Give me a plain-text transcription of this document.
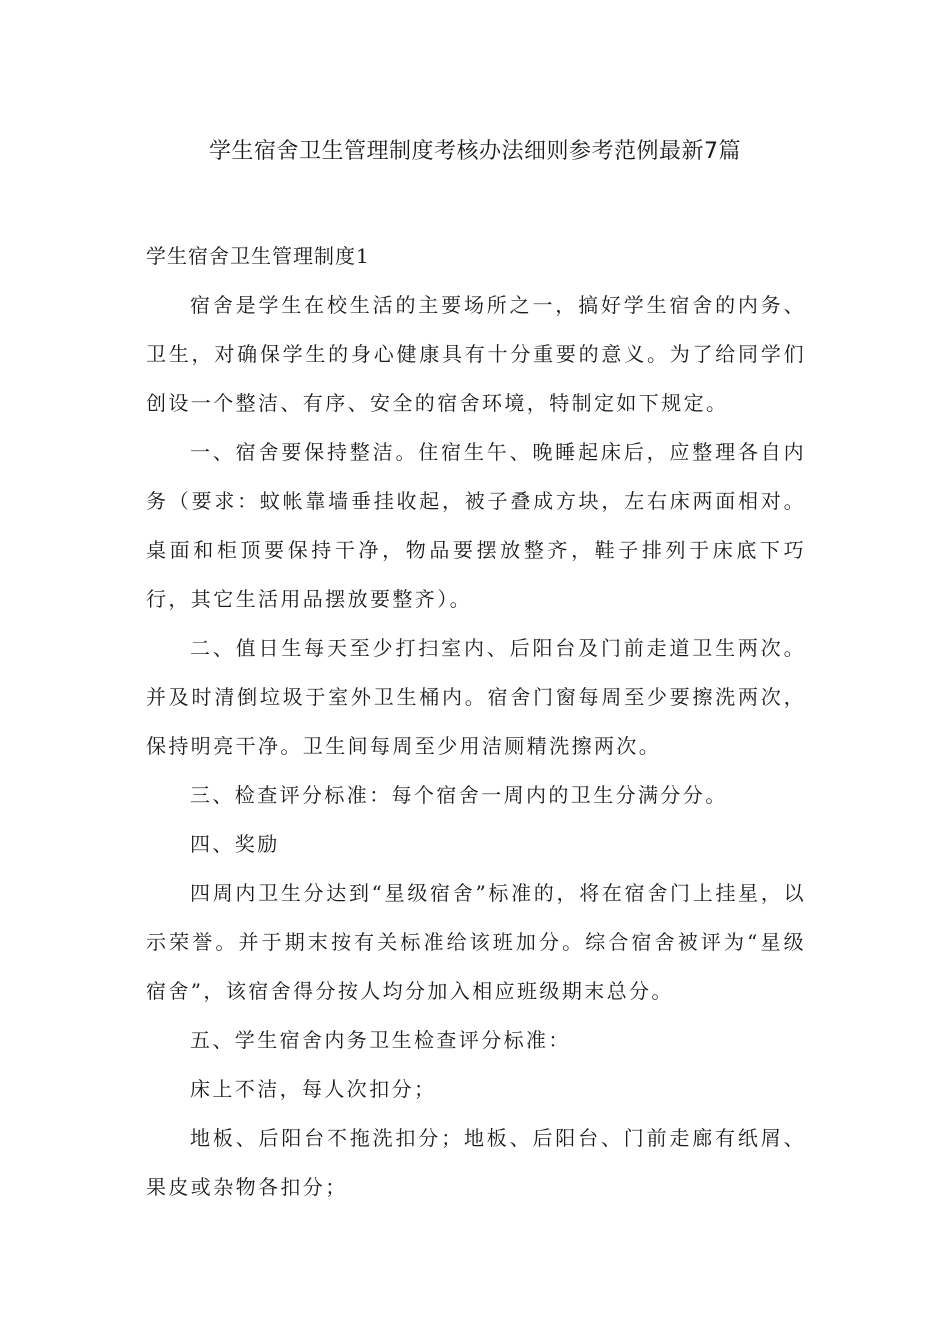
学生宿舍卫生管理制度考核办法细则参考范例最新7篇

学生宿舍卫生管理制度1

宿舍是学生在校生活的主要场所之一，搞好学生宿舍的内务、卫生，对确保学生的身心健康具有十分重要的意义。为了给同学们创设一个整洁、有序、安全的宿舍环境，特制定如下规定。

一、宿舍要保持整洁。住宿生午、晚睡起床后，应整理各自内务（要求：蚊帐靠墙垂挂收起，被子叠成方块，左右床两面相对。桌面和柜顶要保持干净，物品要摆放整齐，鞋子排列于床底下巧行，其它生活用品摆放要整齐）。

二、值日生每天至少打扫室内、后阳台及门前走道卫生两次。并及时清倒垃圾于室外卫生桶内。宿舍门窗每周至少要擦洗两次，保持明亮干净。卫生间每周至少用洁厕精洗擦两次。

三、检查评分标准：每个宿舍一周内的卫生分满分分。

四、奖励

四周内卫生分达到“星级宿舍”标准的，将在宿舍门上挂星，以示荣誉。并于期末按有关标准给该班加分。综合宿舍被评为“星级宿舍”，该宿舍得分按人均分加入相应班级期末总分。

五、学生宿舍内务卫生检查评分标准：

床上不洁，每人次扣分；

地板、后阳台不拖洗扣分；地板、后阳台、门前走廊有纸屑、果皮或杂物各扣分；
